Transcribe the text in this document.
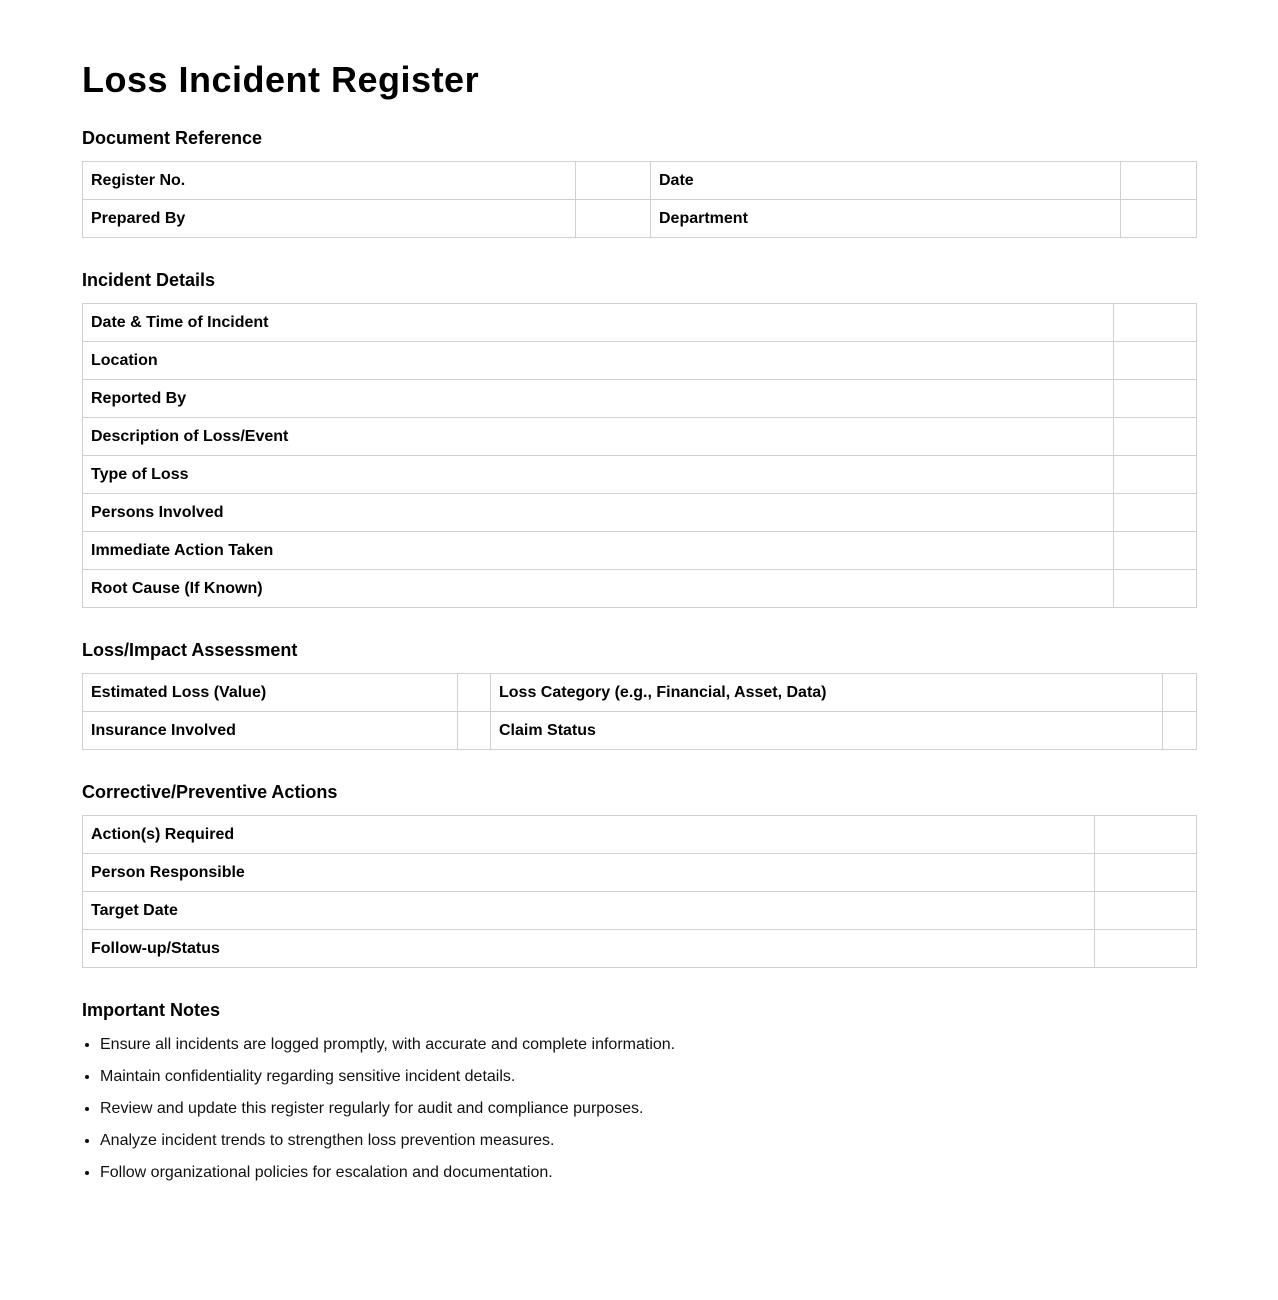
Loss Incident Register
Document Reference
Register No.		Date	
Prepared By		Department	
Incident Details
Date & Time of Incident	
Location	
Reported By	
Description of Loss/Event	
Type of Loss	
Persons Involved	
Immediate Action Taken	
Root Cause (If Known)	
Loss/Impact Assessment
Estimated Loss (Value)		Loss Category (e.g., Financial, Asset, Data)	
Insurance Involved		Claim Status	
Corrective/Preventive Actions
Action(s) Required	
Person Responsible	
Target Date	
Follow-up/Status	
Important Notes
• Ensure all incidents are logged promptly, with accurate and complete information.
• Maintain confidentiality regarding sensitive incident details.
• Review and update this register regularly for audit and compliance purposes.
• Analyze incident trends to strengthen loss prevention measures.
• Follow organizational policies for escalation and documentation.
